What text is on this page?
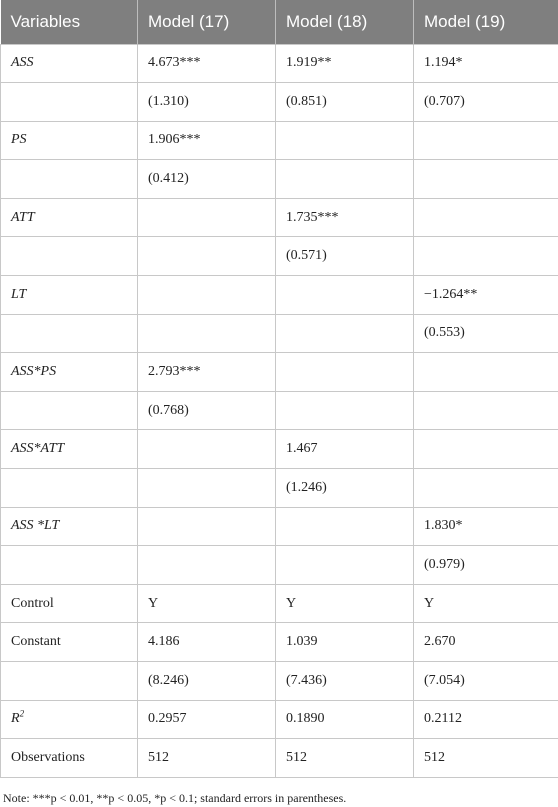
Variables	Model (17)	Model (18)	Model (19)
ASS	4.673***	1.919**	1.194*
	(1.310)	(0.851)	(0.707)
PS	1.906***		
	(0.412)		
ATT		1.735***	
		(0.571)	
LT			−1.264**
			(0.553)
ASS*PS	2.793***		
	(0.768)		
ASS*ATT		1.467	
		(1.246)	
ASS *LT			1.830*
			(0.979)
Control	Y	Y	Y
Constant	4.186	1.039	2.670
	(8.246)	(7.436)	(7.054)
$R^2$	0.2957	0.1890	0.2112
Observations	512	512	512
Note: ***p < 0.01, **p < 0.05, *p < 0.1; standard errors in parentheses.
